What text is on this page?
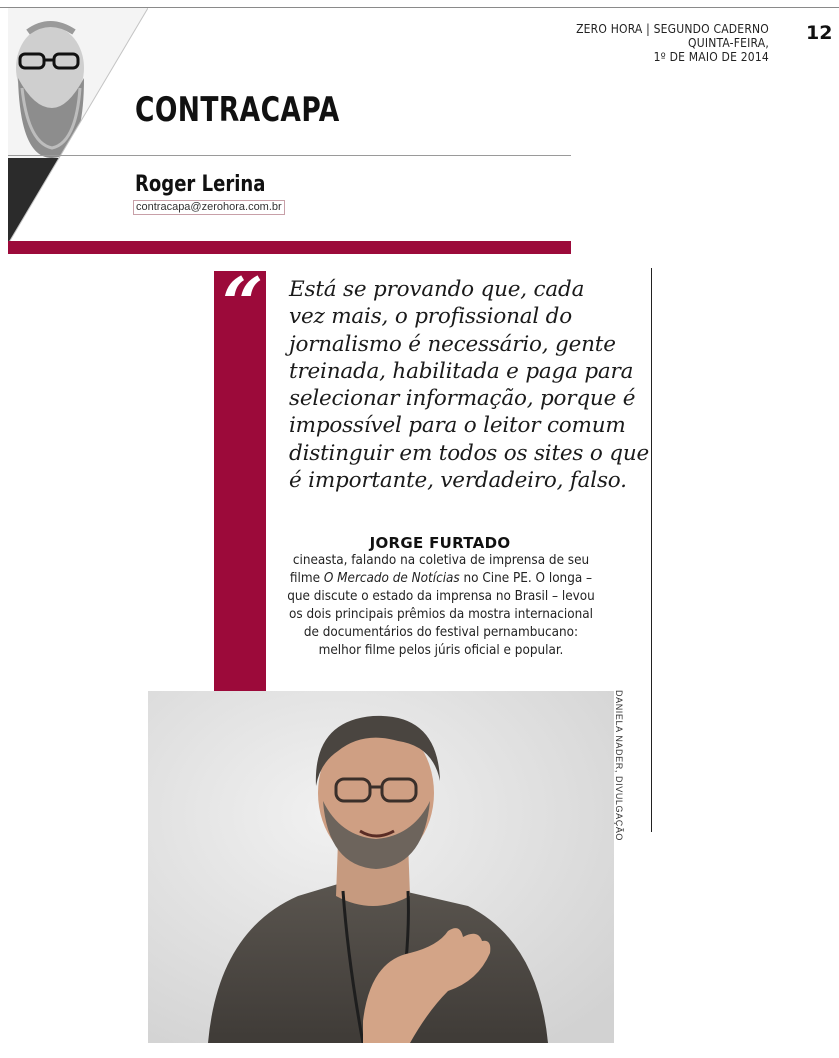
ZERO HORA | SEGUNDO CADERNO
QUINTA-FEIRA,
1º DE MAIO DE 2014
12
CONTRACAPA
Roger Lerina
contracapa@zerohora.com.br
“ Está se provando que, cada
vez mais, o profissional do
jornalismo é necessário, gente
treinada, habilitada e paga para
selecionar informação, porque é
impossível para o leitor comum
distinguir em todos os sites o que
é importante, verdadeiro, falso.
JORGE FURTADO
cineasta, falando na coletiva de imprensa de seu
filme O Mercado de Notícias no Cine PE. O longa –
que discute o estado da imprensa no Brasil – levou
os dois principais prêmios da mostra internacional
de documentários do festival pernambucano:
melhor filme pelos júris oficial e popular.
DANIELA NADER, DIVULGAÇÃO
